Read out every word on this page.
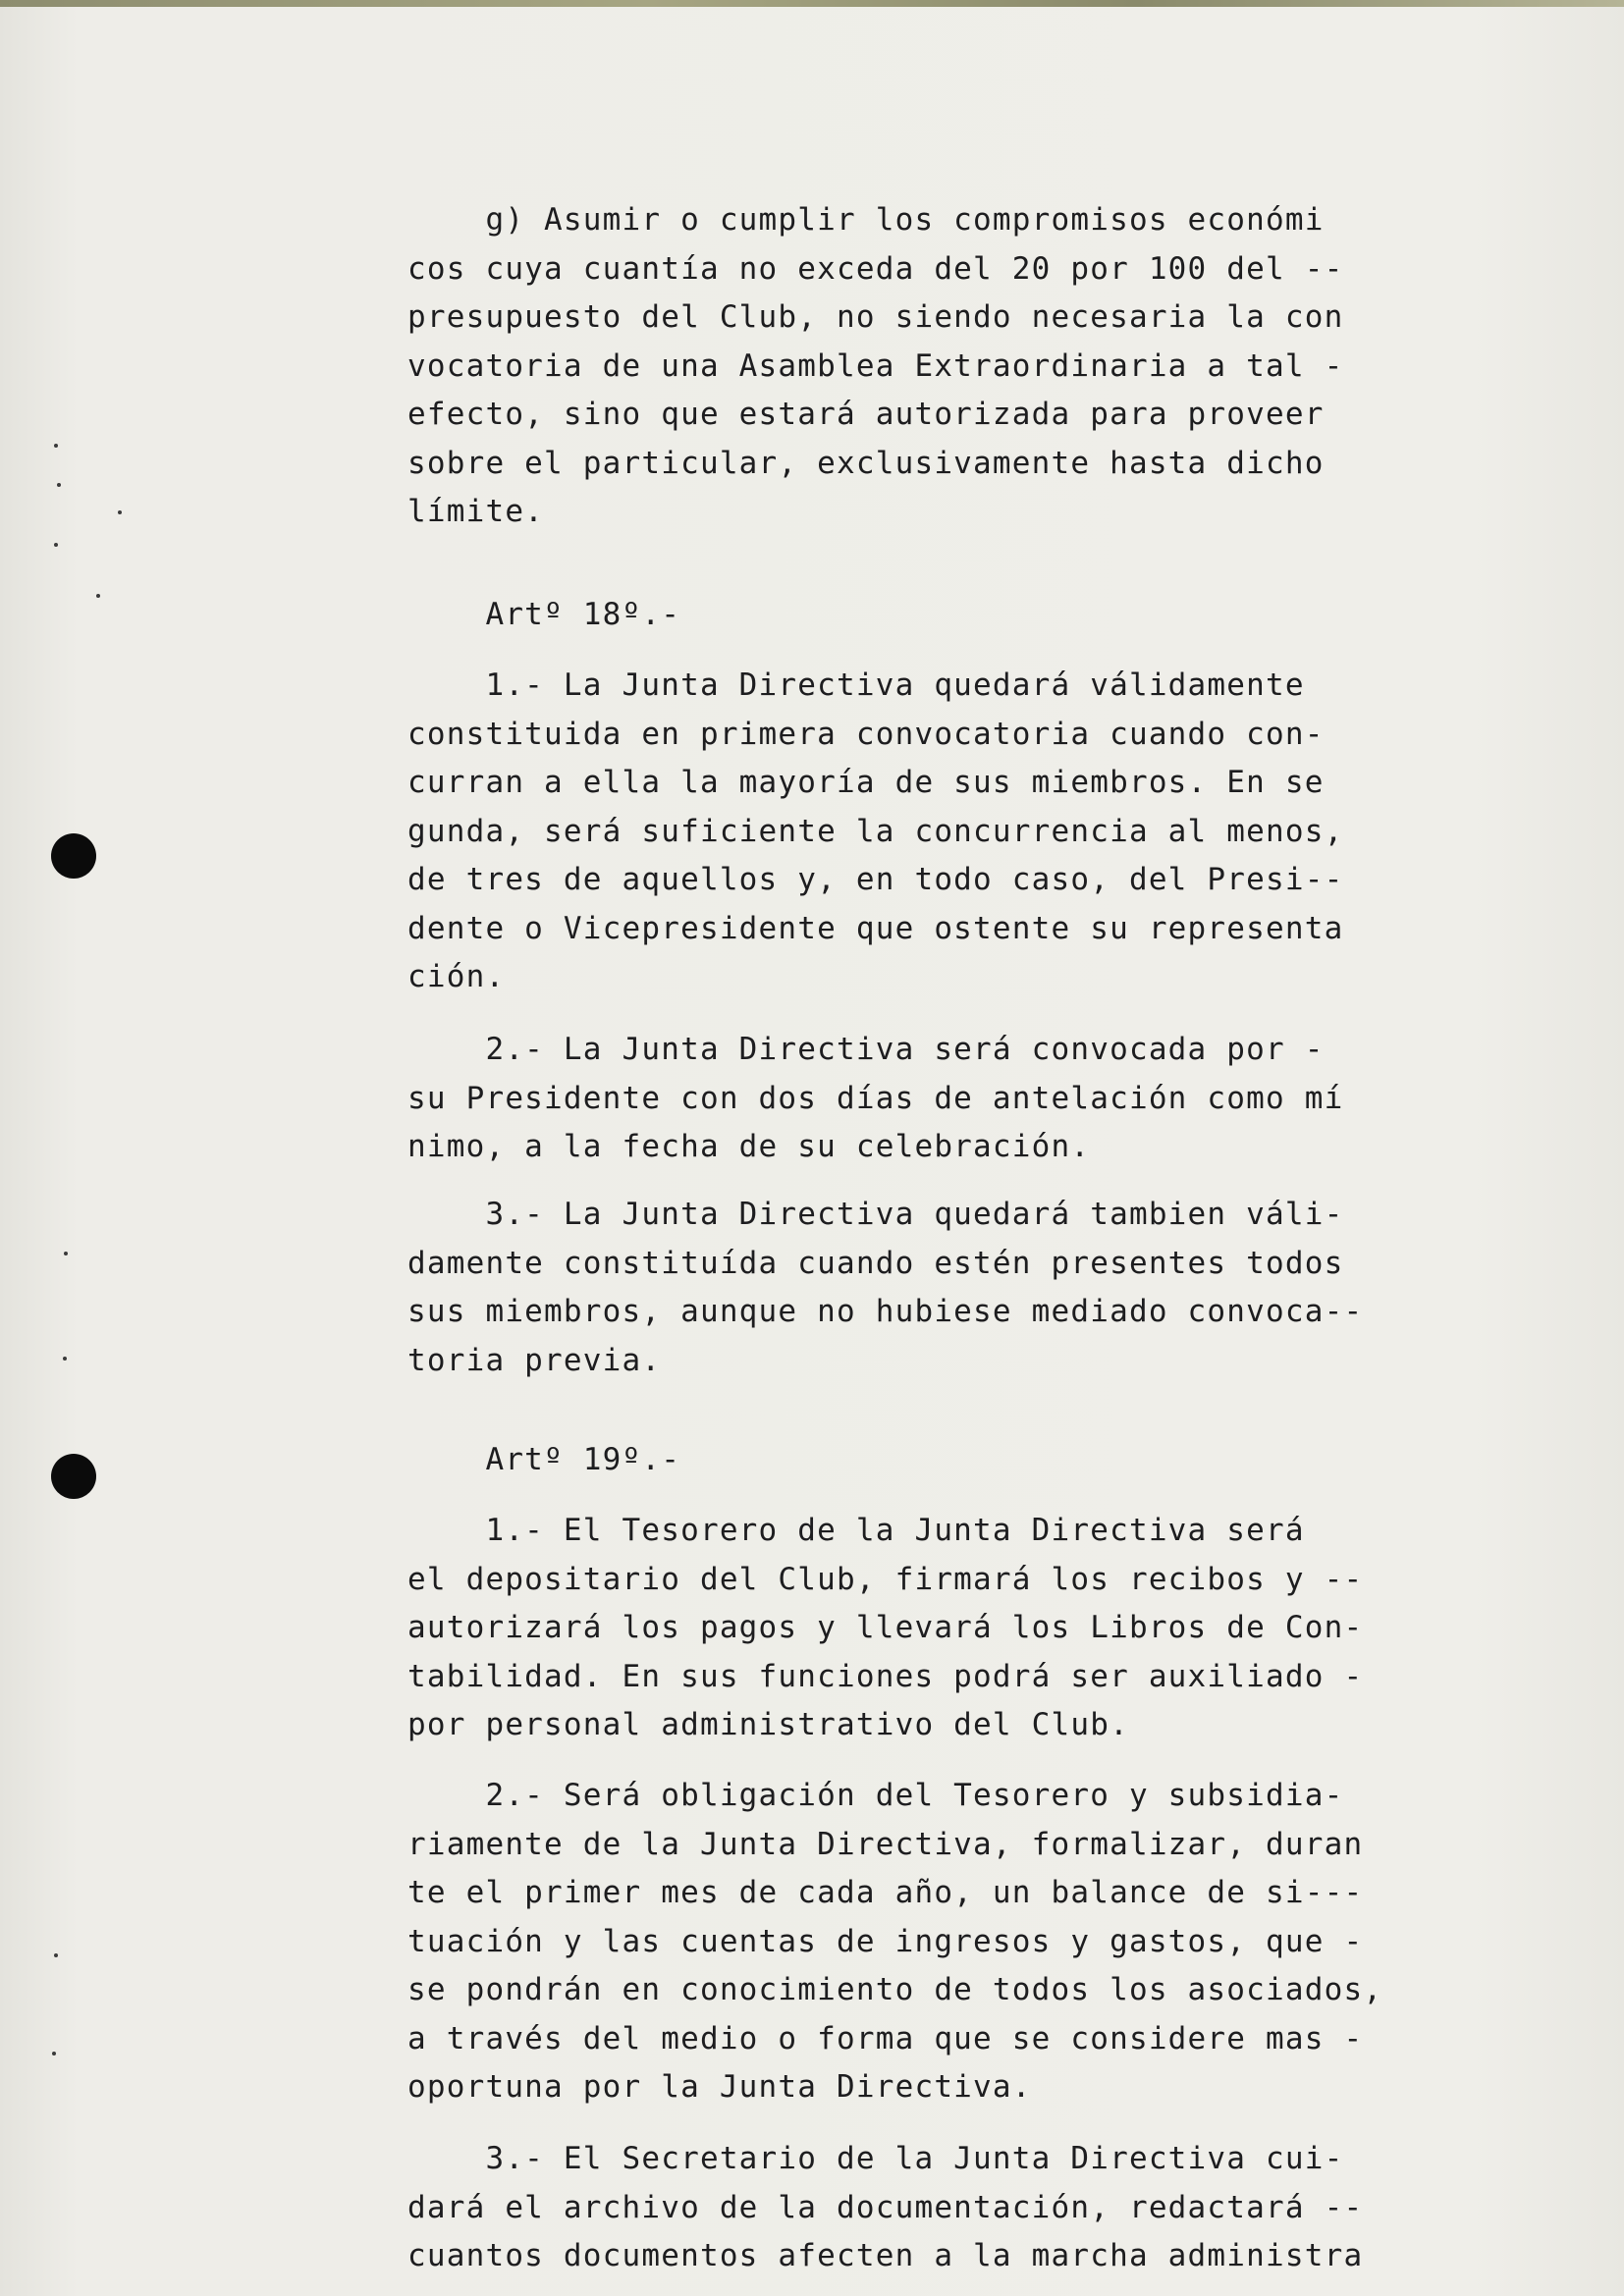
g) Asumir o cumplir los compromisos económi

cos cuya cuantía no exceda del 20 por 100 del --

presupuesto del Club, no siendo necesaria la con

vocatoria de una Asamblea Extraordinaria a tal -

efecto, sino que estará autorizada para proveer

sobre el particular, exclusivamente hasta dicho

límite.

Artº 18º.-

1.- La Junta Directiva quedará válidamente

constituida en primera convocatoria cuando con-

curran a ella la mayoría de sus miembros. En se

gunda, será suficiente la concurrencia al menos,

de tres de aquellos y, en todo caso, del Presi--

dente o Vicepresidente que ostente su representa

ción.

2.- La Junta Directiva será convocada por -

su Presidente con dos días de antelación como mí

nimo, a la fecha de su celebración.

3.- La Junta Directiva quedará tambien váli-

damente constituída cuando estén presentes todos

sus miembros, aunque no hubiese mediado convoca--

toria previa.

Artº 19º.-

1.- El Tesorero de la Junta Directiva será

el depositario del Club, firmará los recibos y --

autorizará los pagos y llevará los Libros de Con-

tabilidad. En sus funciones podrá ser auxiliado -

por personal administrativo del Club.

2.- Será obligación del Tesorero y subsidia-

riamente de la Junta Directiva, formalizar, duran

te el primer mes de cada año, un balance de si---

tuación y las cuentas de ingresos y gastos, que -

se pondrán en conocimiento de todos los asociados,

a través del medio o forma que se considere mas -

oportuna por la Junta Directiva.

3.- El Secretario de la Junta Directiva cui-

dará el archivo de la documentación, redactará --

cuantos documentos afecten a la marcha administra
